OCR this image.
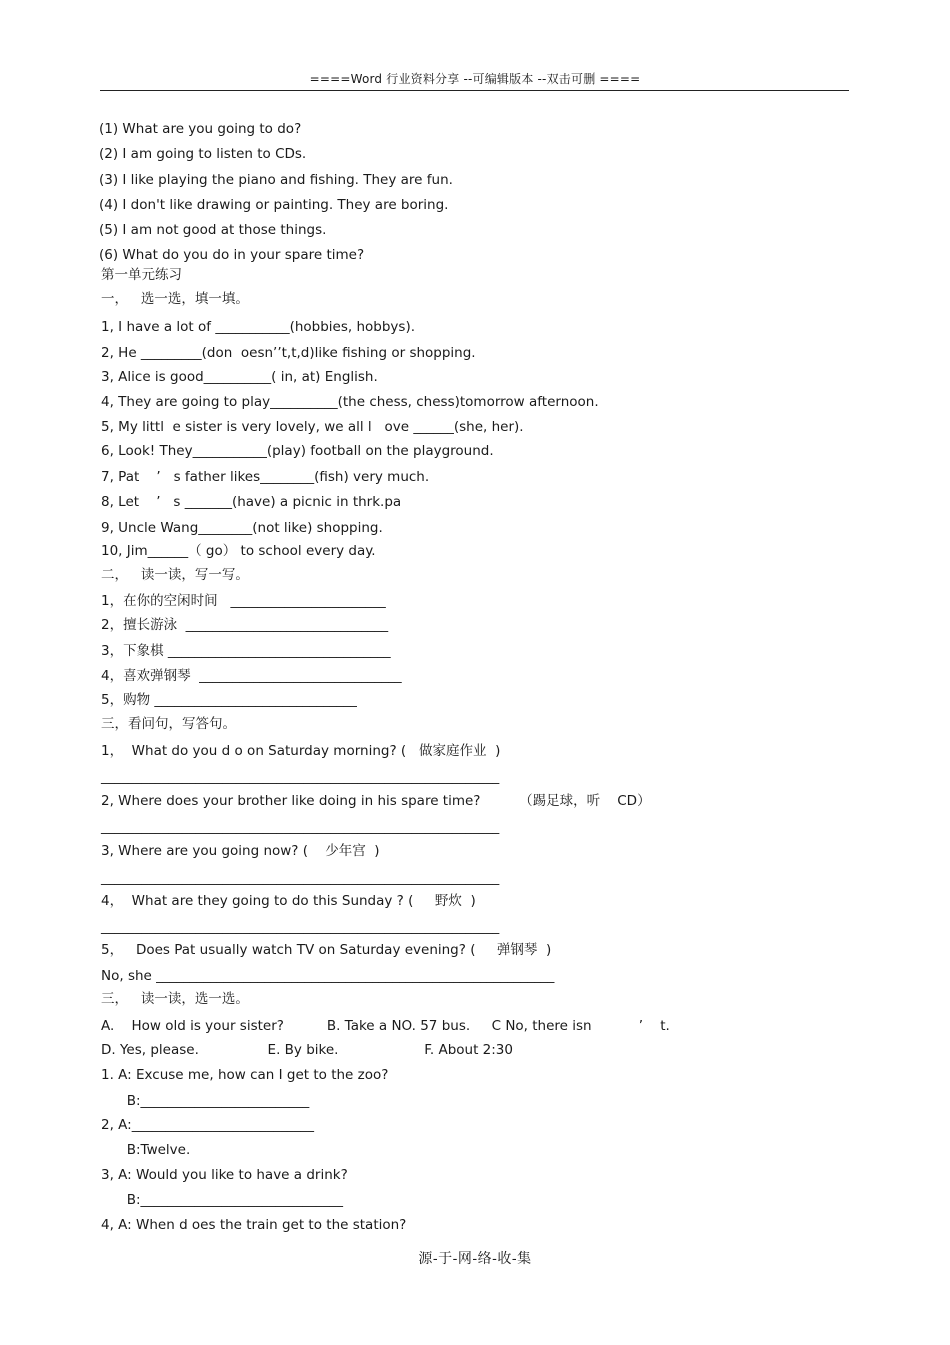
====Word 行业资料分享 --可编辑版本 --双击可删 ====
(1) What are you going to do?
(2) I am going to listen to CDs.
(3) I like playing the piano and fishing. They are fun.
(4) I don't like drawing or painting. They are boring.
(5) I am not good at those things.
(6) What do you do in your spare time?
第一单元练习
一，   选一选，填一填。
1, I have a lot of ___________(hobbies, hobbys).
2, He _________(don  oesn’’t,t,d)like fishing or shopping.
3, Alice is good__________( in, at) English.
4, They are going to play__________(the chess, chess)tomorrow afternoon.
5, My littl  e sister is very lovely, we all l   ove ______(she, her).
6, Look! They___________(play) football on the playground.
7, Pat    ’   s father likes________(fish) very much.
8, Let    ’   s _______(have) a picnic in thrk.pa
9, Uncle Wang________(not like) shopping.
10, Jim______（ go） to school every day.
二，   读一读，写一写。
1，在你的空闲时间   _______________________
2，擅长游泳  ______________________________
3，下象棋 _________________________________
4，喜欢弹钢琴  ______________________________
5，购物 ______________________________
三，看问句，写答句。
1，  What do you d o on Saturday morning? (   做家庭作业  )
___________________________________________________________
2, Where does your brother like doing in his spare time?         （踢足球，听    CD）
___________________________________________________________
3, Where are you going now? (    少年宫  )
___________________________________________________________
4，  What are they going to do this Sunday ? (     野炊  )
___________________________________________________________
5，   Does Pat usually watch TV on Saturday evening? (     弹钢琴  )
No, she ___________________________________________________________
三，   读一读，选一选。
A.    How old is your sister?          B. Take a NO. 57 bus.     C No, there isn           ’    t.
D. Yes, please.                E. By bike.                    F. About 2:30
1. A: Excuse me, how can I get to the zoo?
B:_________________________
2, A:___________________________
B:Twelve.
3, A: Would you like to have a drink?
B:______________________________
4, A: When d oes the train get to the station?
源-于-网-络-收-集
